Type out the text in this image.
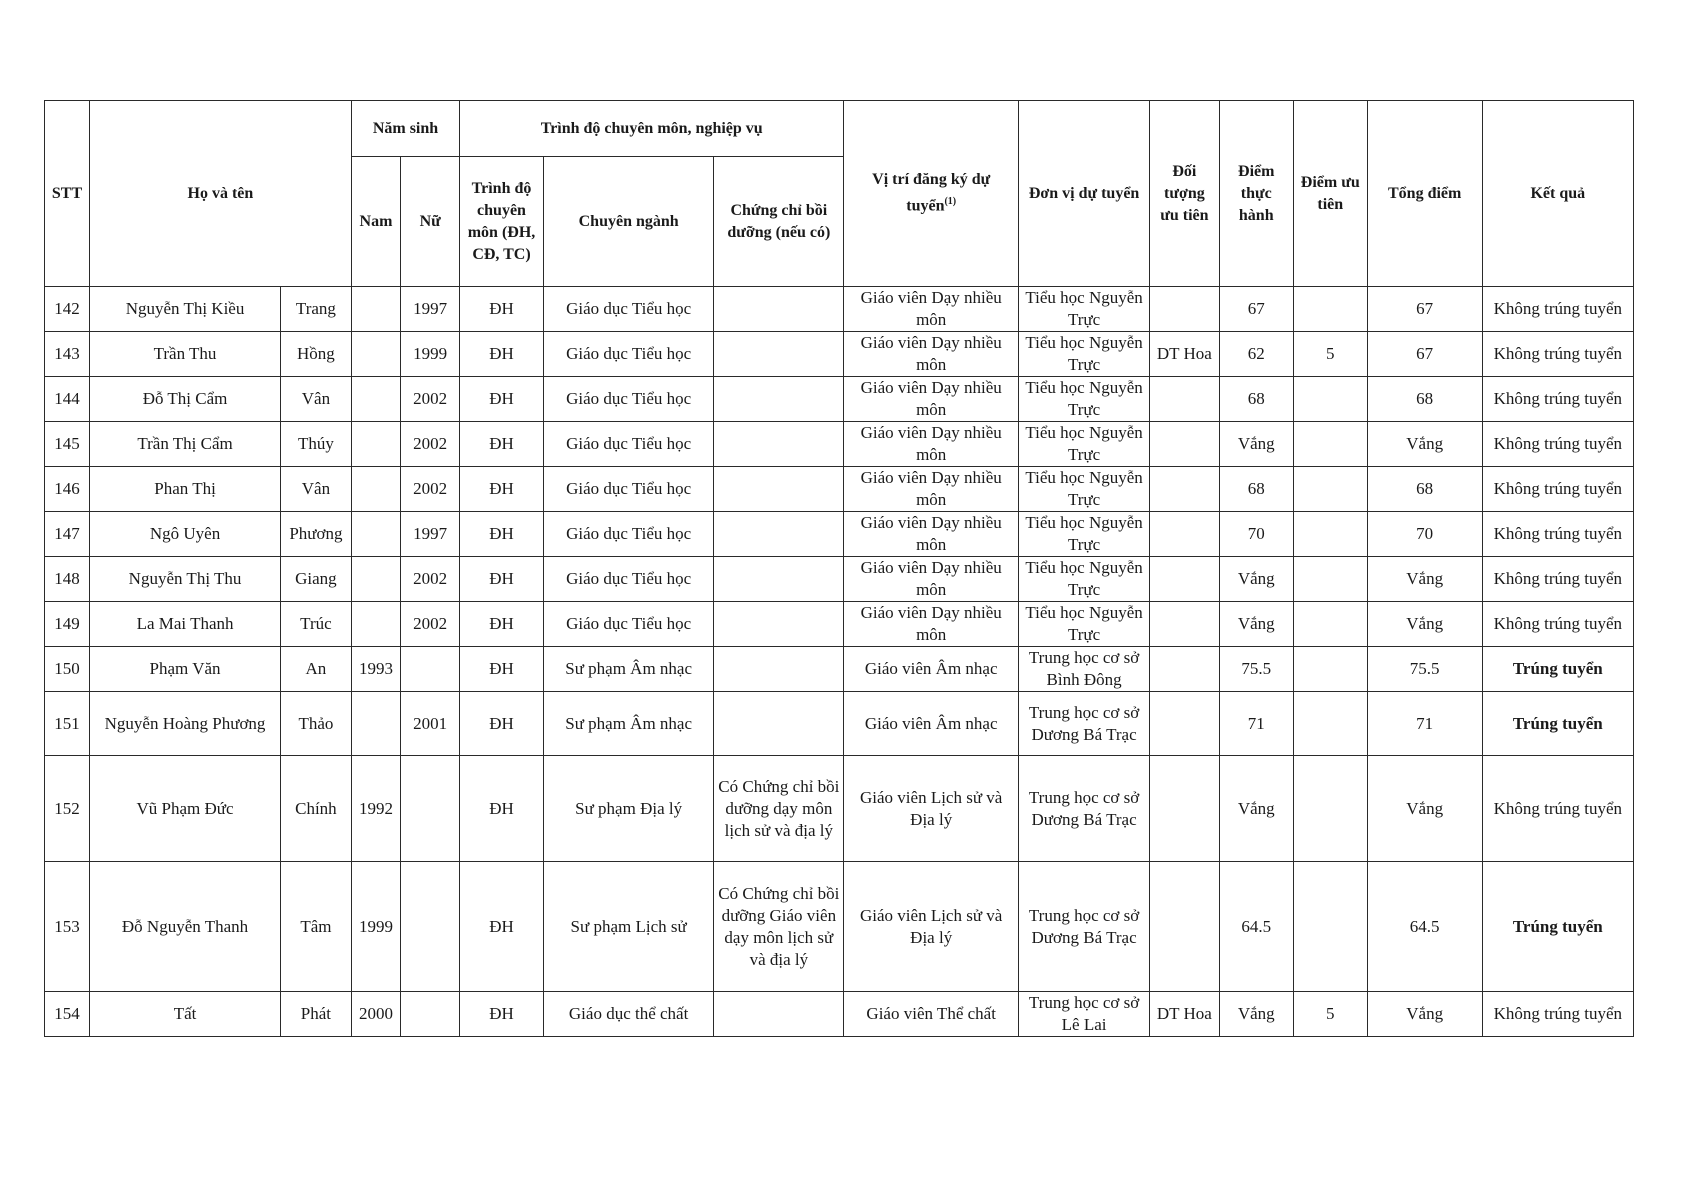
STT	Họ và tên		Năm sinh		Trình độ chuyên môn, nghiệp vụ			Vị trí đăng ký dự tuyển$^{(1)}$	Đơn vị dự tuyển	Đối tượng ưu tiên	Điểm thực hành	Điểm ưu tiên	Tổng điểm	Kết quả
			Nam	Nữ	Trình độ chuyên môn (ĐH, CĐ, TC)	Chuyên ngành	Chứng chỉ bồi dưỡng (nếu có)							
142	Nguyễn Thị Kiều	Trang		1997	ĐH	Giáo dục Tiểu học		Giáo viên Dạy nhiều môn	Tiểu học Nguyễn Trực		67		67	Không trúng tuyển
143	Trần Thu	Hồng		1999	ĐH	Giáo dục Tiểu học		Giáo viên Dạy nhiều môn	Tiểu học Nguyễn Trực	DT Hoa	62	5	67	Không trúng tuyển
144	Đỗ Thị Cẩm	Vân		2002	ĐH	Giáo dục Tiểu học		Giáo viên Dạy nhiều môn	Tiểu học Nguyễn Trực		68		68	Không trúng tuyển
145	Trần Thị Cẩm	Thúy		2002	ĐH	Giáo dục Tiểu học		Giáo viên Dạy nhiều môn	Tiểu học Nguyễn Trực		Vắng		Vắng	Không trúng tuyển
146	Phan Thị	Vân		2002	ĐH	Giáo dục Tiểu học		Giáo viên Dạy nhiều môn	Tiểu học Nguyễn Trực		68		68	Không trúng tuyển
147	Ngô Uyên	Phương		1997	ĐH	Giáo dục Tiểu học		Giáo viên Dạy nhiều môn	Tiểu học Nguyễn Trực		70		70	Không trúng tuyển
148	Nguyễn Thị Thu	Giang		2002	ĐH	Giáo dục Tiểu học		Giáo viên Dạy nhiều môn	Tiểu học Nguyễn Trực		Vắng		Vắng	Không trúng tuyển
149	La Mai Thanh	Trúc		2002	ĐH	Giáo dục Tiểu học		Giáo viên Dạy nhiều môn	Tiểu học Nguyễn Trực		Vắng		Vắng	Không trúng tuyển
150	Phạm Văn	An	1993		ĐH	Sư phạm Âm nhạc		Giáo viên Âm nhạc	Trung học cơ sở Bình Đông		75.5		75.5	Trúng tuyển
151	Nguyễn Hoàng Phương	Thảo		2001	ĐH	Sư phạm Âm nhạc		Giáo viên Âm nhạc	Trung học cơ sở Dương Bá Trạc		71		71	Trúng tuyển
152	Vũ Phạm Đức	Chính	1992		ĐH	Sư phạm Địa lý	Có Chứng chỉ bồi dưỡng dạy môn lịch sử và địa lý	Giáo viên Lịch sử và Địa lý	Trung học cơ sở Dương Bá Trạc		Vắng		Vắng	Không trúng tuyển
153	Đỗ Nguyễn Thanh	Tâm	1999		ĐH	Sư phạm Lịch sử	Có Chứng chỉ bồi dưỡng Giáo viên dạy môn lịch sử và địa lý	Giáo viên Lịch sử và Địa lý	Trung học cơ sở Dương Bá Trạc		64.5		64.5	Trúng tuyển
154	Tất	Phát	2000		ĐH	Giáo dục thể chất		Giáo viên Thể chất	Trung học cơ sở Lê Lai	DT Hoa	Vắng	5	Vắng	Không trúng tuyển
